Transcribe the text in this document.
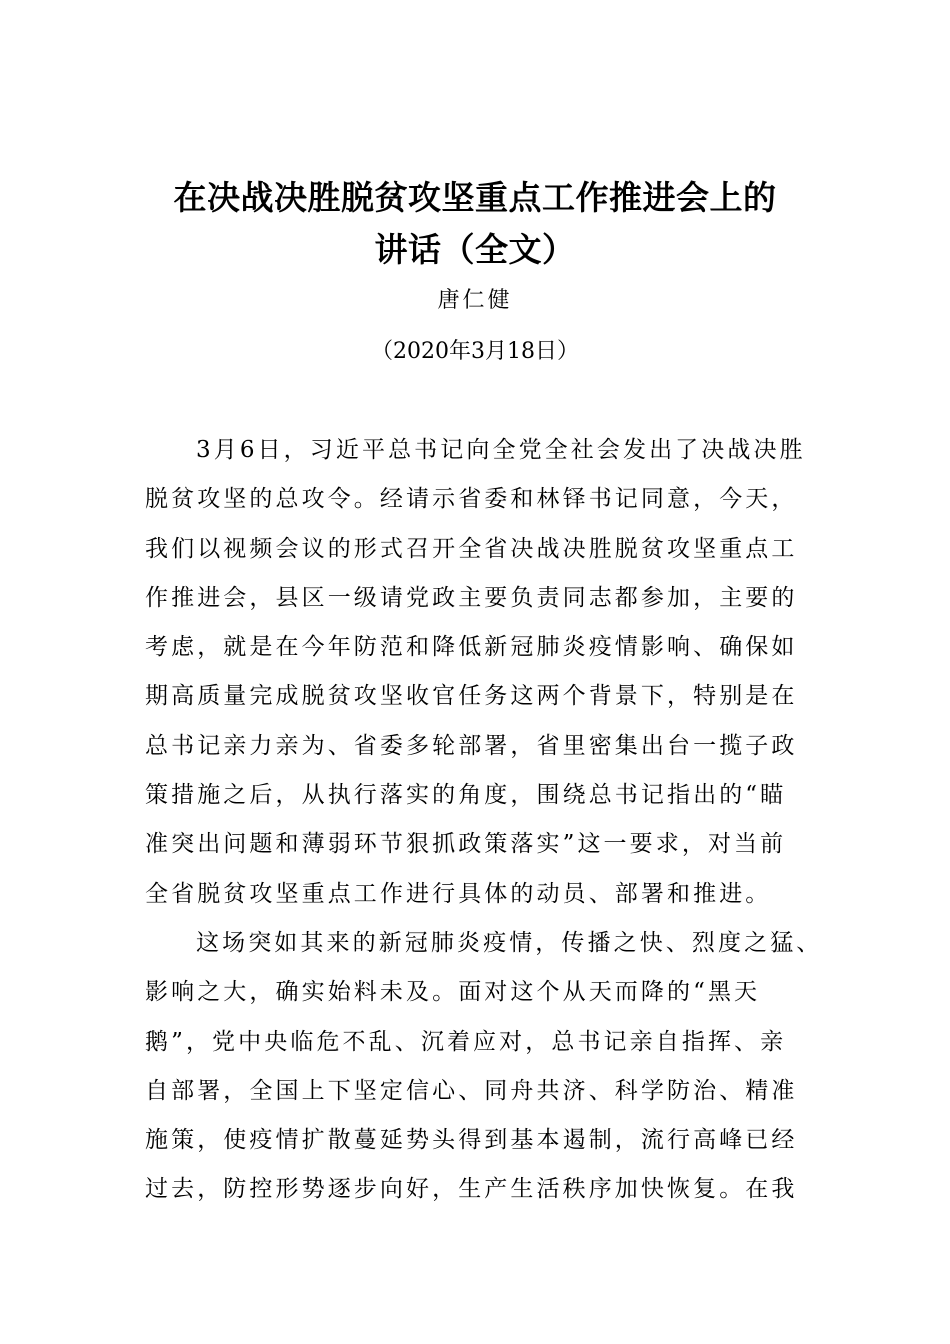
在决战决胜脱贫攻坚重点工作推进会上的
讲话（全文）
唐仁健
（2020年3月18日）
3月6日，习近平总书记向全党全社会发出了决战决胜
脱贫攻坚的总攻令。经请示省委和林铎书记同意，今天，
我们以视频会议的形式召开全省决战决胜脱贫攻坚重点工
作推进会，县区一级请党政主要负责同志都参加，主要的
考虑，就是在今年防范和降低新冠肺炎疫情影响、确保如
期高质量完成脱贫攻坚收官任务这两个背景下，特别是在
总书记亲力亲为、省委多轮部署，省里密集出台一揽子政
策措施之后，从执行落实的角度，围绕总书记指出的“瞄
准突出问题和薄弱环节狠抓政策落实”这一要求，对当前
全省脱贫攻坚重点工作进行具体的动员、部署和推进。
这场突如其来的新冠肺炎疫情，传播之快、烈度之猛、
影响之大，确实始料未及。面对这个从天而降的“黑天
鹅”，党中央临危不乱、沉着应对，总书记亲自指挥、亲
自部署，全国上下坚定信心、同舟共济、科学防治、精准
施策，使疫情扩散蔓延势头得到基本遏制，流行高峰已经
过去，防控形势逐步向好，生产生活秩序加快恢复。在我
